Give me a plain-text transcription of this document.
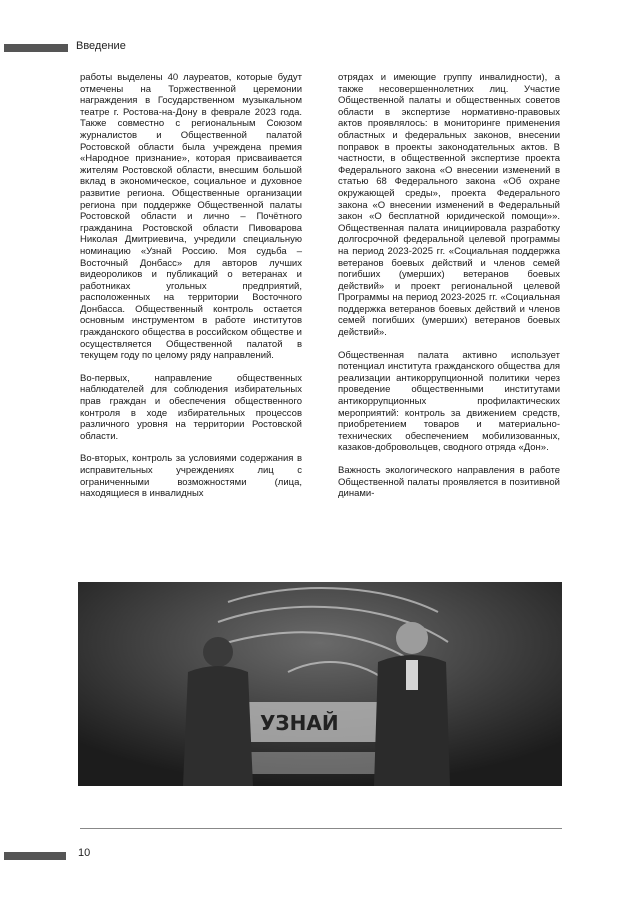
Введение

работы выделены 40 лауреатов, которые будут отмечены на Торжественной церемонии награждения в Государственном музыкальном театре г. Ростова-на-Дону в феврале 2023 года. Также совместно с региональным Союзом журналистов и Общественной палатой Ростовской области была учреждена премия «Народное признание», которая присваивается жителям Ростовской области, внесшим большой вклад в экономическое, социальное и духовное развитие региона. Общественные организации региона при поддержке Общественной палаты Ростовской области и лично – Почётного гражданина Ростовской области Пивоварова Николая Дмитриевича, учредили специальную номинацию «Узнай Россию. Моя судьба – Восточный Донбасс» для авторов лучших видеороликов и публикаций о ветеранах и работниках угольных предприятий, расположенных на территории Восточного Донбасса. Общественный контроль остается основным инструментом в работе институтов гражданского общества в российском обществе и осуществляется Общественной палатой в текущем году по целому ряду направлений.

Во-первых, направление общественных наблюдателей для соблюдения избирательных прав граждан и обеспечения общественного контроля в ходе избирательных процессов различного уровня на территории Ростовской области.

Во-вторых, контроль за условиями содержания в исправительных учреждениях лиц с ограниченными возможностями (лица, находящиеся в инвалидных

отрядах и имеющие группу инвалидности), а также несовершеннолетних лиц. Участие Общественной палаты и общественных советов области в экспертизе нормативно-правовых актов проявлялось: в мониторинге применения областных и федеральных законов, внесении поправок в проекты законодательных актов. В частности, в общественной экспертизе проекта Федерального закона «О внесении изменений в статью 68 Федерального закона «Об охране окружающей среды», проекта Федерального закона «О внесении изменений в Федеральный закон «О бесплатной юридической помощи»». Общественная палата инициировала разработку долгосрочной федеральной целевой программы на период 2023-2025 гг. «Социальная поддержка ветеранов боевых действий и членов семей погибших (умерших) ветеранов боевых действий» и проект региональной целевой Программы на период 2023-2025 гг. «Социальная поддержка ветеранов боевых действий и членов семей погибших (умерших) ветеранов боевых действий».

Общественная палата активно использует потенциал института гражданского общества для реализации антикоррупционной политики через проведение общественными институтами антикоррупционных профилактических мероприятий: контроль за движением средств, приобретением товаров и материально-технических обеспечением мобилизованных, казаков-добровольцев, сводного отряда «Дон».

Важность экологического направления в работе Общественной палаты проявляется в позитивной динами-

УЗНАЙ
10
